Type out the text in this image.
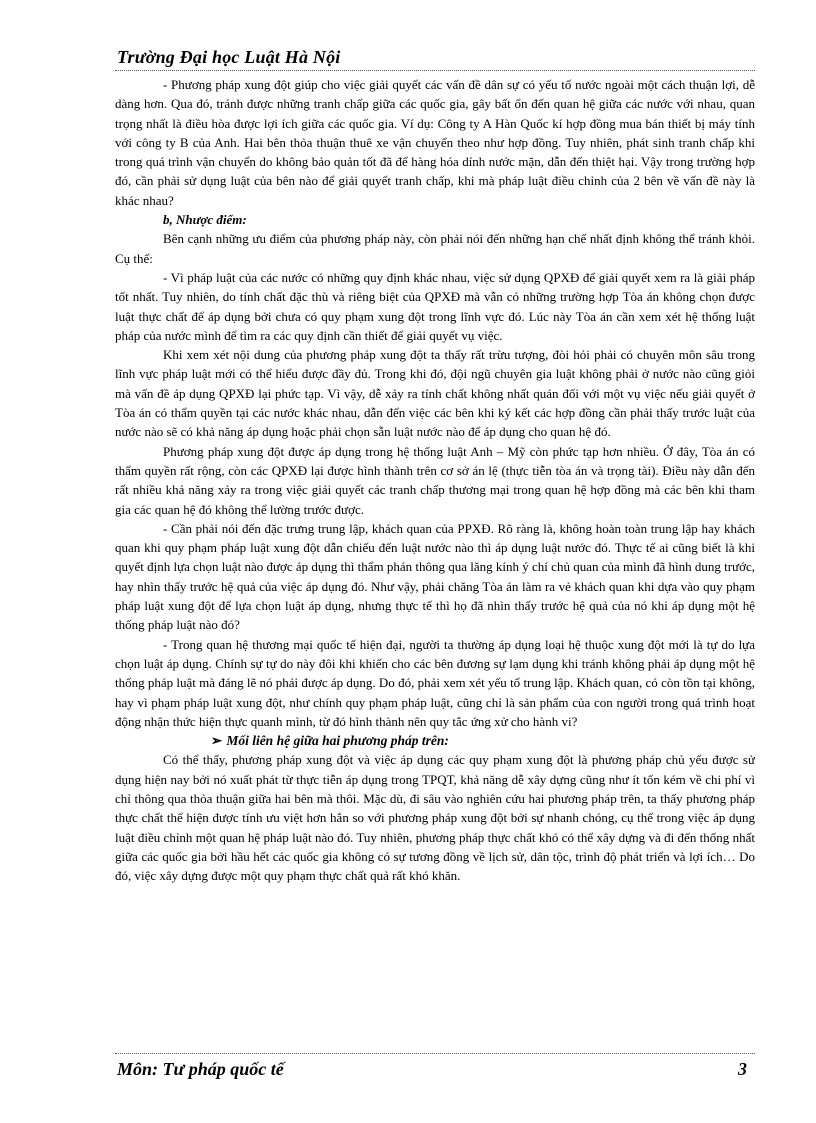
Trường Đại học Luật Hà Nội

- Phương pháp xung đột giúp cho việc giải quyết các vấn đề dân sự có yếu tố nước ngoài một cách thuận lợi, dễ dàng hơn. Qua đó, tránh được những tranh chấp giữa các quốc gia, gây bất ổn đến quan hệ giữa các nước với nhau, quan trọng nhất là điều hòa được lợi ích giữa các quốc gia. Ví dụ: Công ty A Hàn Quốc kí hợp đồng mua bán thiết bị máy tính với công ty B của Anh. Hai bên thỏa thuận thuê xe vận chuyển theo như hợp đồng. Tuy nhiên, phát sinh tranh chấp khi trong quá trình vận chuyển do không bảo quản tốt đã để hàng hóa dính nước mặn, dẫn đến thiệt hại. Vậy trong trường hợp đó, cần phải sử dụng luật của bên nào để giải quyết tranh chấp, khi mà pháp luật điều chỉnh của 2 bên về vấn đề này là khác nhau?

b, Nhược điểm:

Bên cạnh những ưu điểm của phương pháp này, còn phải nói đến những hạn chế nhất định không thể tránh khỏi. Cụ thể:

- Vì pháp luật của các nước có những quy định khác nhau, việc sử dụng QPXĐ để giải quyết xem ra là giải pháp tốt nhất. Tuy nhiên, do tính chất đặc thù và riêng biệt của QPXĐ mà vẫn có những trường hợp Tòa án không chọn được luật thực chất để áp dụng bởi chưa có quy phạm xung đột trong lĩnh vực đó. Lúc này Tòa án cần xem xét hệ thống luật pháp của nước mình để tìm ra các quy định cần thiết để giải quyết vụ việc.

Khi xem xét nội dung của phương pháp xung đột ta thấy rất trừu tượng, đòi hỏi phải có chuyên môn sâu trong lĩnh vực pháp luật mới có thể hiểu được đầy đủ. Trong khi đó, đội ngũ chuyên gia luật không phải ở nước nào cũng giỏi mà vấn đề áp dụng QPXĐ lại phức tạp. Vì vậy, dễ xảy ra tính chất không nhất quán đối với một vụ việc nếu giải quyết ở Tòa án có thẩm quyền tại các nước khác nhau, dẫn đến việc các bên khi ký kết các hợp đồng cần phải thấy trước luật của nước nào sẽ có khả năng áp dụng hoặc phải chọn sẵn luật nước nào để áp dụng cho quan hệ đó.

Phương pháp xung đột được áp dụng trong hệ thống luật Anh – Mỹ còn phức tạp hơn nhiều. Ở đây, Tòa án có thẩm quyền rất rộng, còn các QPXĐ lại được hình thành trên cơ sở án lệ (thực tiễn tòa án và trọng tài). Điều này dẫn đến rất nhiều khả năng xảy ra trong việc giải quyết các tranh chấp thương mại trong quan hệ hợp đồng mà các bên khi tham gia các quan hệ đó không thể lường trước được.

- Cần phải nói đến đặc trưng trung lập, khách quan của PPXĐ. Rõ ràng là, không hoàn toàn trung lập hay khách quan khi quy phạm pháp luật xung đột dẫn chiếu đến luật nước nào thì áp dụng luật nước đó. Thực tế ai cũng biết là khi quyết định lựa chọn luật nào được áp dụng thì thẩm phán thông qua lăng kính ý chí chủ quan của mình đã hình dung trước, hay nhìn thấy trước hệ quả của việc áp dụng đó. Như vậy, phải chăng Tòa án làm ra vẻ khách quan khi dựa vào quy phạm pháp luật xung đột để lựa chọn luật áp dụng, nhưng thực tế thì họ đã nhìn thấy trước hệ quả của nó khi áp dụng một hệ thống pháp luật nào đó?

- Trong quan hệ thương mại quốc tế hiện đại, người ta thường áp dụng loại hệ thuộc xung đột mới là tự do lựa chọn luật áp dụng. Chính sự tự do này đôi khi khiến cho các bên đương sự lạm dụng khi tránh không phải áp dụng một hệ thống pháp luật mà đáng lẽ nó phải được áp dụng. Do đó, phải xem xét yếu tố trung lập. Khách quan, có còn tồn tại không, hay vì phạm pháp luật xung đột, như chính quy phạm pháp luật, cũng chỉ là sản phẩm của con người trong quá trình hoạt động nhận thức hiện thực quanh mình, từ đó hình thành nên quy tắc ứng xử cho hành vi?

➢ Mối liên hệ giữa hai phương pháp trên:

Có thể thấy, phương pháp xung đột và việc áp dụng các quy phạm xung đột là phương pháp chủ yếu được sử dụng hiện nay bởi nó xuất phát từ thực tiễn áp dụng trong TPQT, khả năng dễ xây dựng cũng như ít tốn kém về chi phí vì chỉ thông qua thỏa thuận giữa hai bên mà thôi. Mặc dù, đi sâu vào nghiên cứu hai phương pháp trên, ta thấy phương pháp thực chất thể hiện được tính ưu việt hơn hẳn so với phương pháp xung đột bởi sự nhanh chóng, cụ thể trong việc áp dụng luật điều chỉnh một quan hệ pháp luật nào đó. Tuy nhiên, phương pháp thực chất khó có thể xây dựng và đi đến thống nhất giữa các quốc gia bởi hầu hết các quốc gia không có sự tương đồng về lịch sử, dân tộc, trình độ phát triển và lợi ích… Do đó, việc xây dựng được một quy phạm thực chất quả rất khó khăn.

Môn: Tư pháp quốc tế	3
